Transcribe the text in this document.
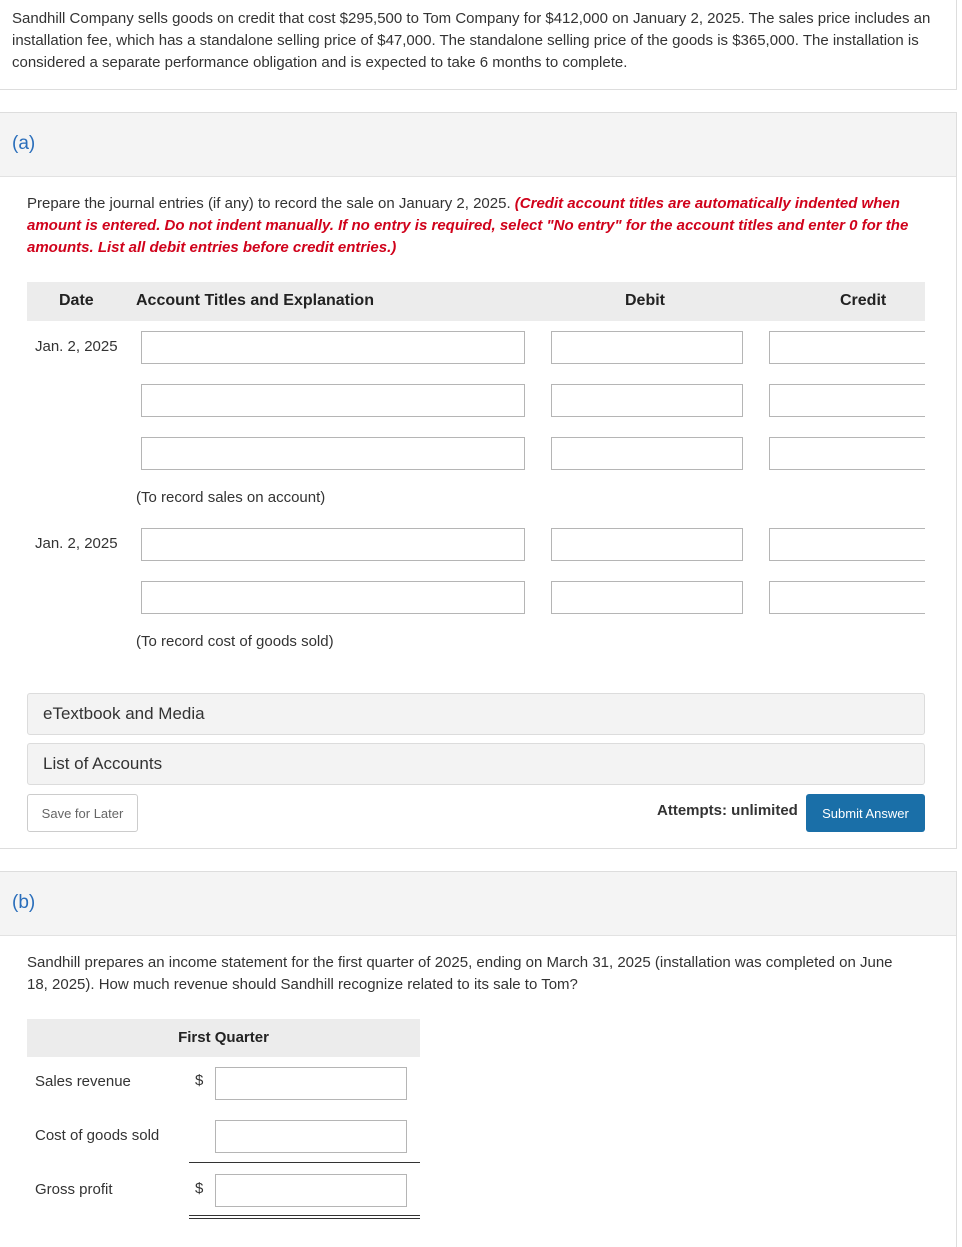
Sandhill Company sells goods on credit that cost $295,500 to Tom Company for $412,000 on January 2, 2025. The sales price includes an installation fee, which has a standalone selling price of $47,000. The standalone selling price of the goods is $365,000. The installation is considered a separate performance obligation and is expected to take 6 months to complete.
(a)
Prepare the journal entries (if any) to record the sale on January 2, 2025. (Credit account titles are automatically indented when amount is entered. Do not indent manually. If no entry is required, select "No entry" for the account titles and enter 0 for the amounts. List all debit entries before credit entries.)
Date	Account Titles and Explanation	Debit	Credit
Jan. 2, 2025
(To record sales on account)
Jan. 2, 2025
(To record cost of goods sold)
eTextbook and Media
List of Accounts
Save for Later	Attempts: unlimited	Submit Answer
(b)
Sandhill prepares an income statement for the first quarter of 2025, ending on March 31, 2025 (installation was completed on June 18, 2025). How much revenue should Sandhill recognize related to its sale to Tom?
First Quarter
Sales revenue	$
Cost of goods sold
Gross profit	$
